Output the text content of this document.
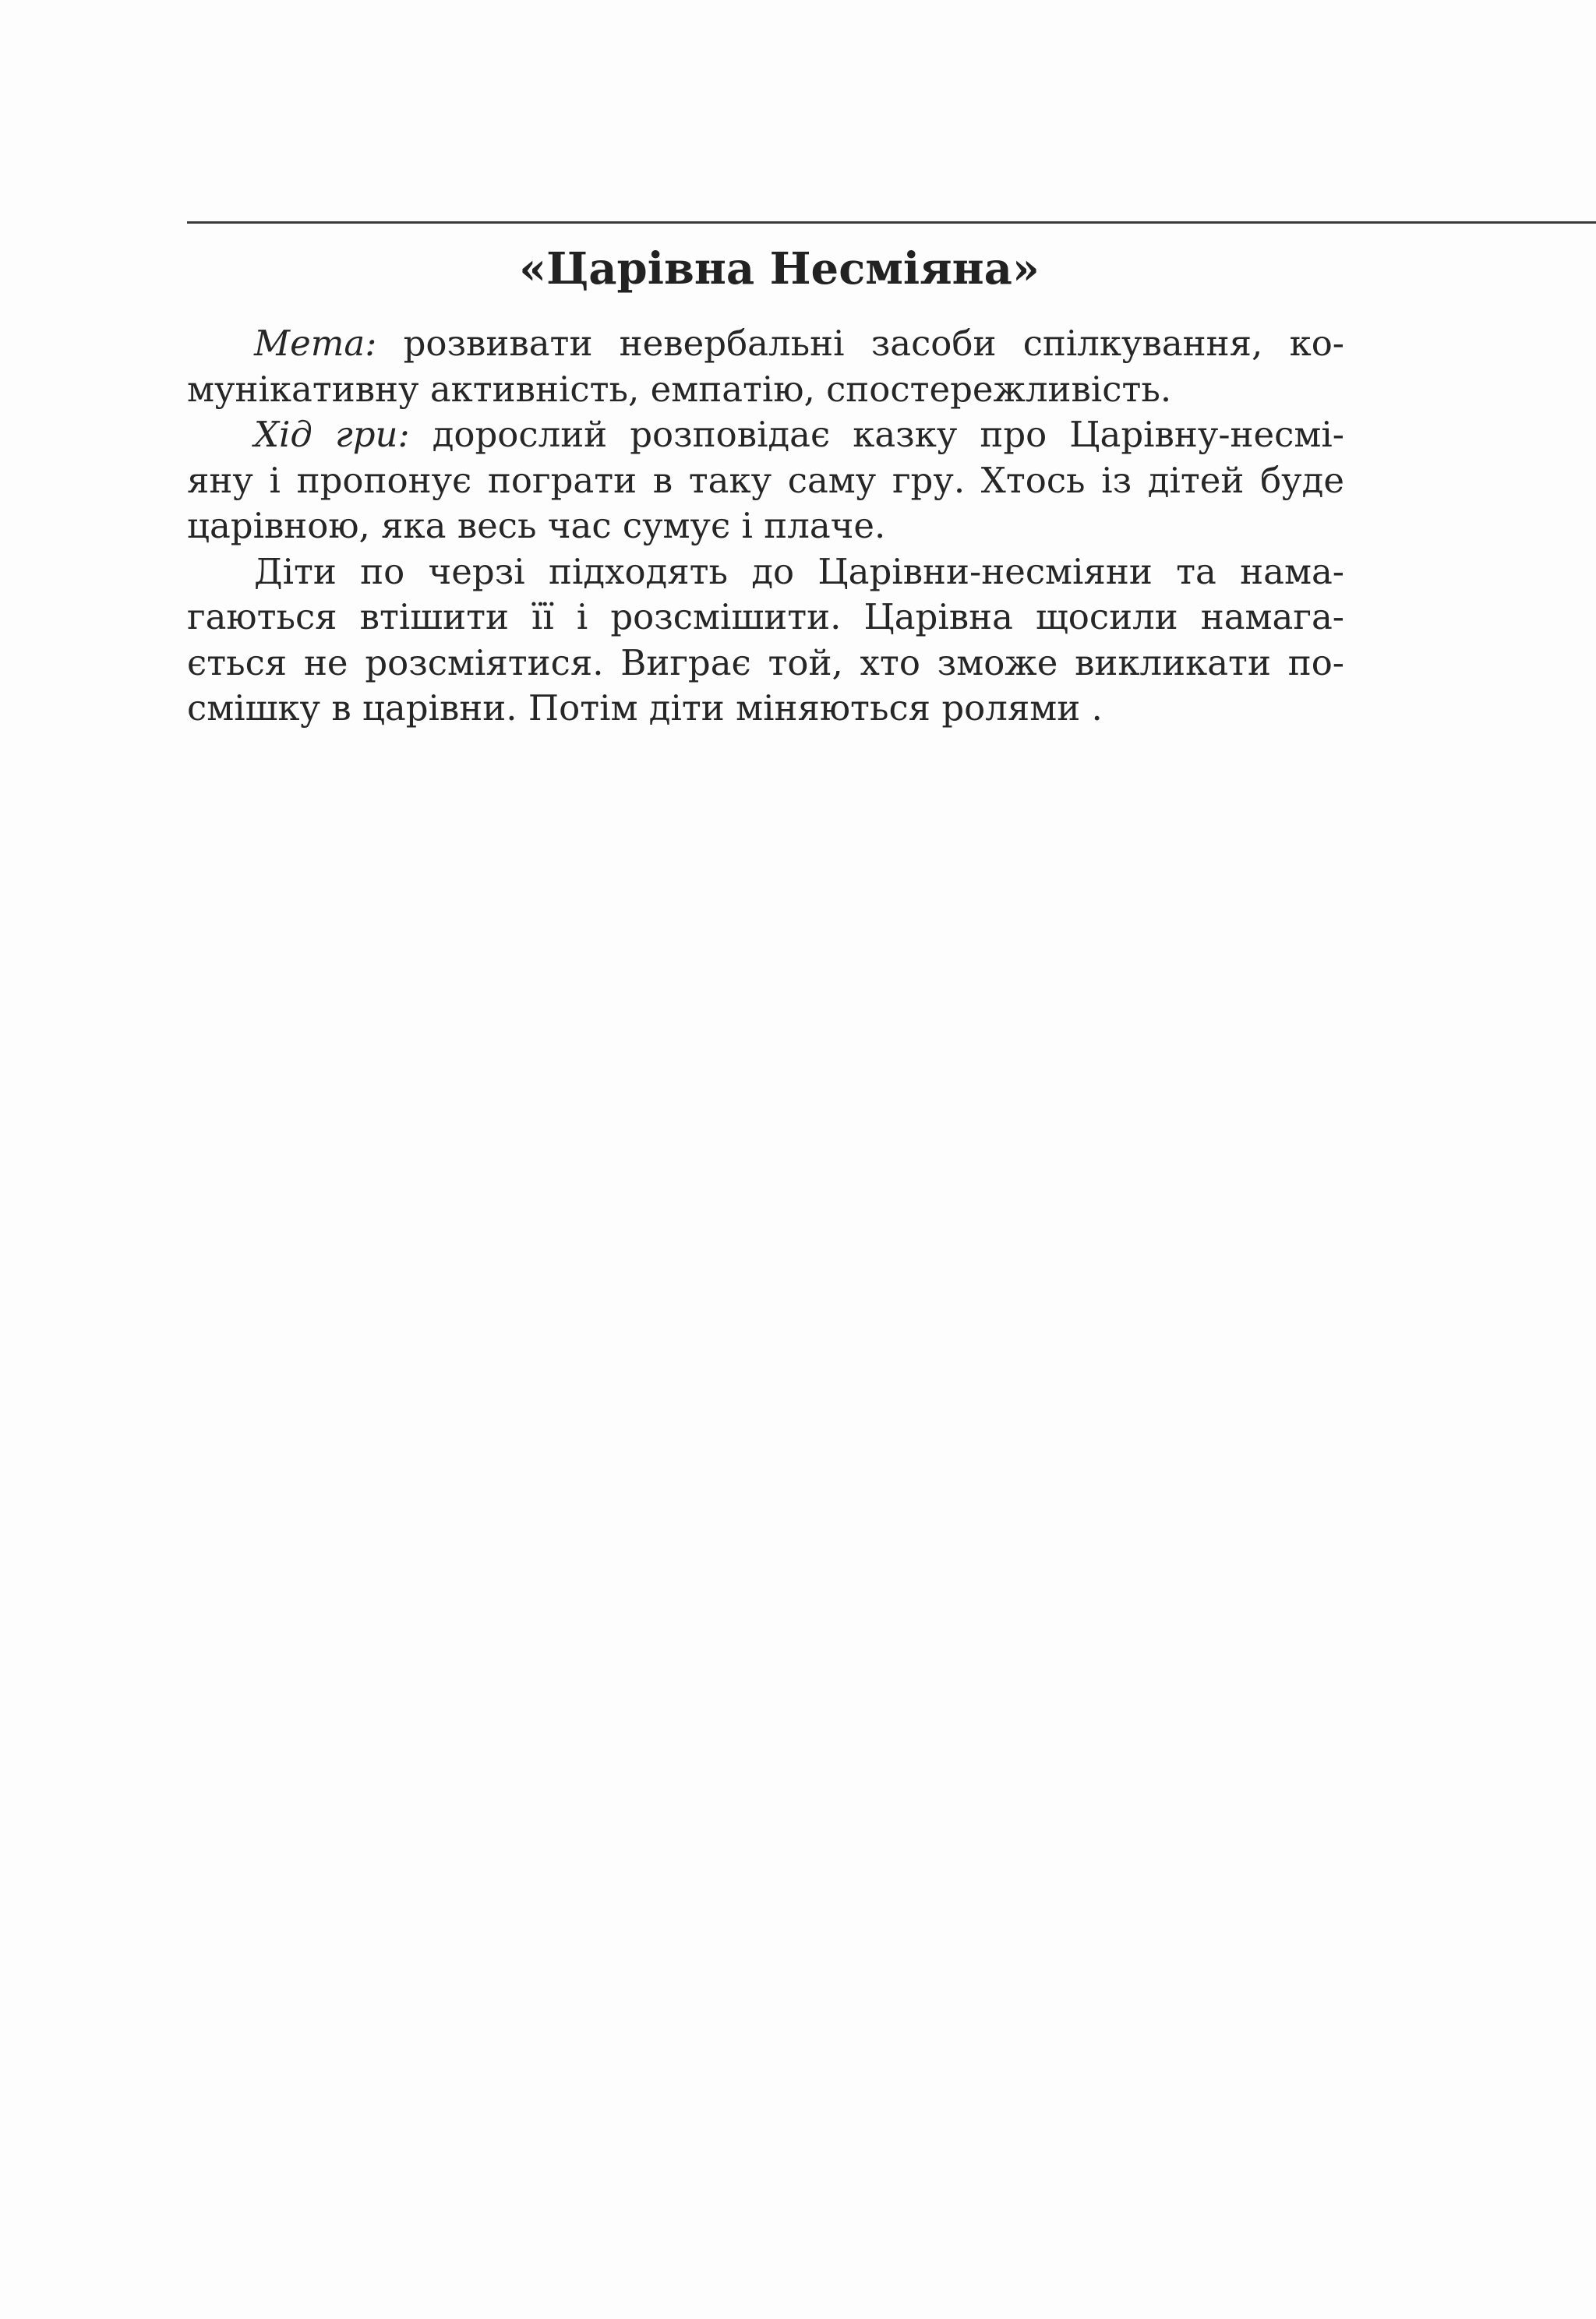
«Царівна Несміяна»
Мета: розвивати невербальні засоби спілкування, ко-
мунікативну активність, емпатію, спостережливість.
Хід гри: дорослий розповідає казку про Царівну-несмі-
яну і пропонує пограти в таку саму гру. Хтось із дітей буде
царівною, яка весь час сумує і плаче.
Діти по черзі підходять до Царівни-несміяни та нама-
гаються втішити її і розсмішити. Царівна щосили намага-
ється не розсміятися. Виграє той, хто зможе викликати по-
смішку в царівни. Потім діти міняються ролями .
